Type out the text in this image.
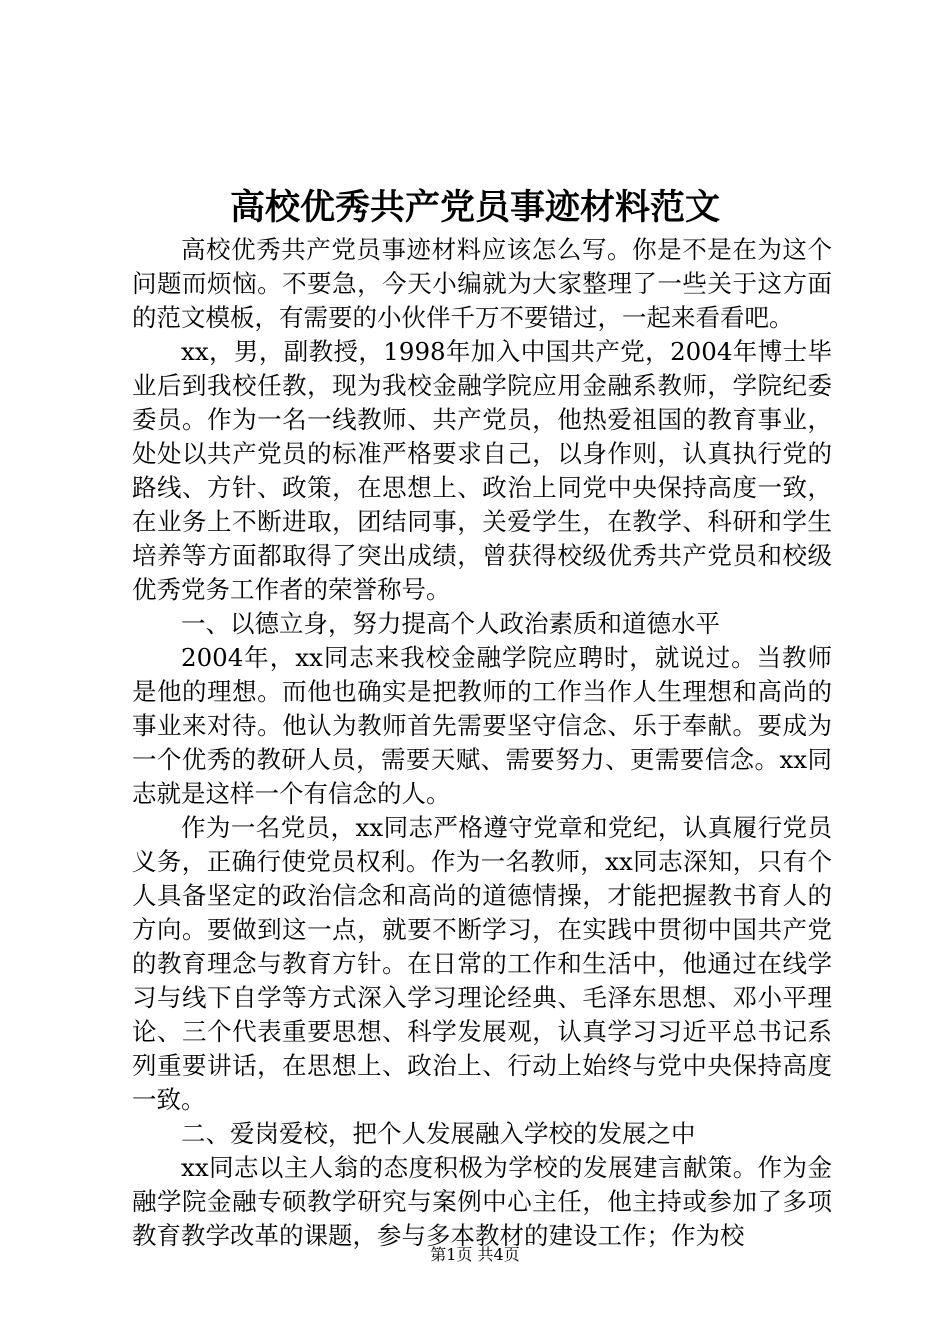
高校优秀共产党员事迹材料范文

高校优秀共产党员事迹材料应该怎么写。你是不是在为这个问题而烦恼。不要急，今天小编就为大家整理了一些关于这方面的范文模板，有需要的小伙伴千万不要错过，一起来看看吧。

xx，男，副教授，1998年加入中国共产党，2004年博士毕业后到我校任教，现为我校金融学院应用金融系教师，学院纪委委员。作为一名一线教师、共产党员，他热爱祖国的教育事业，处处以共产党员的标准严格要求自己，以身作则，认真执行党的路线、方针、政策，在思想上、政治上同党中央保持高度一致，在业务上不断进取，团结同事，关爱学生，在教学、科研和学生培养等方面都取得了突出成绩，曾获得校级优秀共产党员和校级优秀党务工作者的荣誉称号。

一、以德立身，努力提高个人政治素质和道德水平

2004年，xx同志来我校金融学院应聘时，就说过。当教师是他的理想。而他也确实是把教师的工作当作人生理想和高尚的事业来对待。他认为教师首先需要坚守信念、乐于奉献。要成为一个优秀的教研人员，需要天赋、需要努力、更需要信念。xx同志就是这样一个有信念的人。

作为一名党员，xx同志严格遵守党章和党纪，认真履行党员义务，正确行使党员权利。作为一名教师，xx同志深知，只有个人具备坚定的政治信念和高尚的道德情操，才能把握教书育人的方向。要做到这一点，就要不断学习，在实践中贯彻中国共产党的教育理念与教育方针。在日常的工作和生活中，他通过在线学习与线下自学等方式深入学习理论经典、毛泽东思想、邓小平理论、三个代表重要思想、科学发展观，认真学习习近平总书记系列重要讲话，在思想上、政治上、行动上始终与党中央保持高度一致。

二、爱岗爱校，把个人发展融入学校的发展之中

xx同志以主人翁的态度积极为学校的发展建言献策。作为金融学院金融专硕教学研究与案例中心主任，他主持或参加了多项教育教学改革的课题，参与多本教材的建设工作；作为校

第1页 共4页
